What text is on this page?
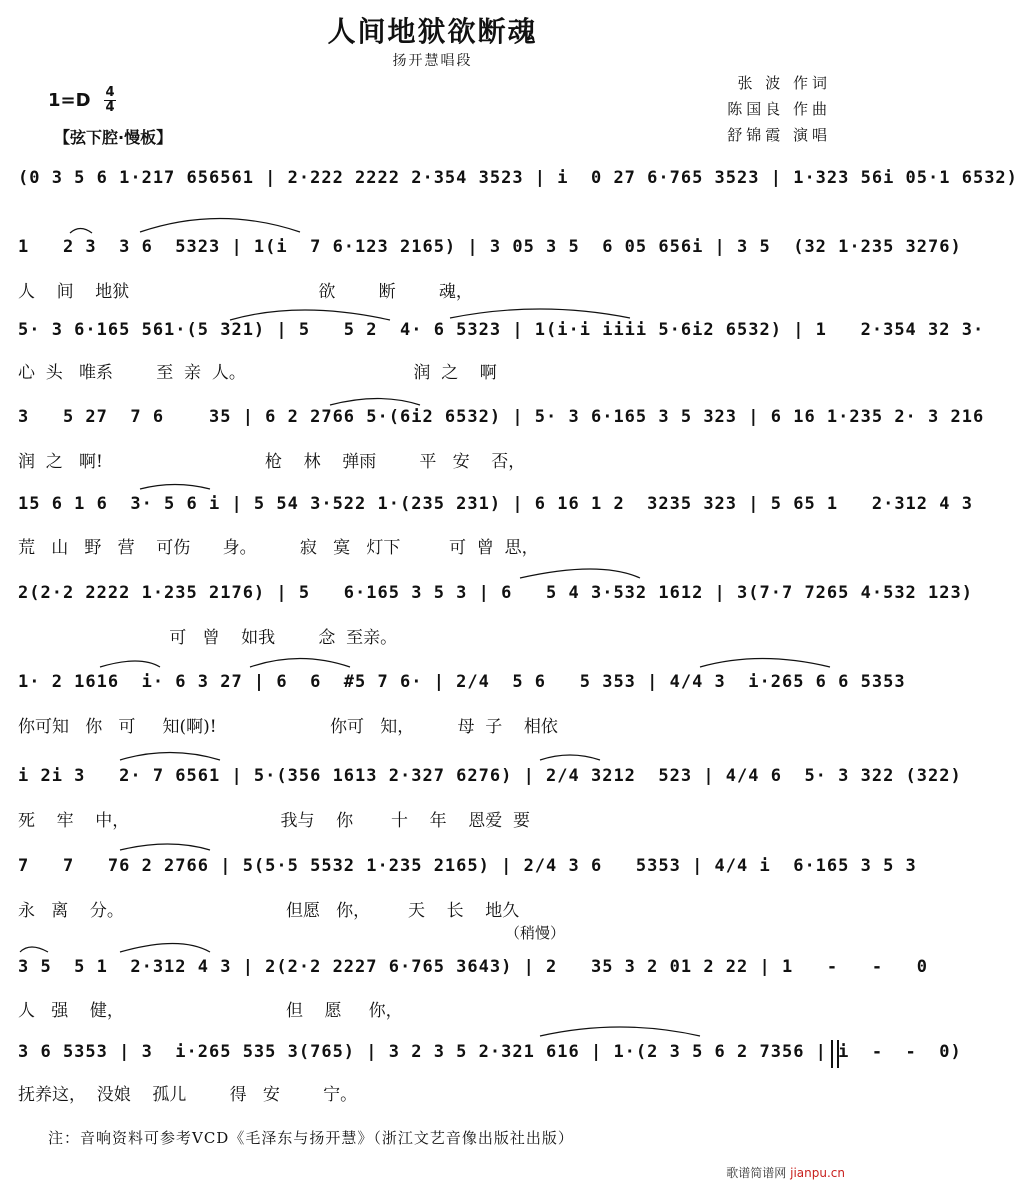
人间地狱欲断魂
扬开慧唱段
张 波 作词
陈国良 作曲
舒锦霞 演唱
1=D 4
4
【弦下腔·慢板】
(0 3 5 6 1·217 656561 | 2·222 2222 2·354 3523 | i  0 27 6·765 3523 | 1·323 56i 05·1 6532)
1   2 3  3 6  5323 | 1(i  7 6·123 2165) | 3 05 3 5  6 05 656i | 3 5  (32 1·235 3276)
人    间    地狱                                   欲        断        魂，
5· 3 6·165 561·(5 321) | 5   5 2  4· 6 5323 | 1(i·i iiii 5·6i2 6532) | 1   2·354 32 3·
心  头   唯系        至  亲  人。                               润  之    啊
3   5 27  7 6    35 | 6 2 2766 5·(6i2 6532) | 5· 3 6·165 3 5 323 | 6 16 1·235 2· 3 216
润  之   啊!                              枪    林    弹雨        平   安    否，
15 6 1 6  3· 5 6 i | 5 54 3·522 1·(235 231) | 6 16 1 2  3235 323 | 5 65 1   2·312 4 3
荒   山   野   营    可伤      身。        寂   寞   灯下         可  曾  思，
2(2·2 2222 1·235 2176) | 5   6·165 3 5 3 | 6   5 4 3·532 1612 | 3(7·7 7265 4·532 123)
可   曾    如我        念  至亲。
1· 2 1616  i· 6 3 27 | 6  6  #5 7 6· | 2/4  5 6   5 353 | 4/4 3  i·265 6 6 5353
你可知   你   可     知(啊)!                     你可   知，        母  子    相依
i 2i 3   2· 7 6561 | 5·(356 1613 2·327 6276) | 2/4 3212  523 | 4/4 6  5· 3 322 (322)
死    牢    中，                            我与    你       十    年    恩爱  要
7   7   76 2 2766 | 5(5·5 5532 1·235 2165) | 2/4 3 6   5353 | 4/4 i  6·165 3 5 3
永   离    分。                              但愿   你，       天    长    地久
（稍慢）
3 5  5 1  2·312 4 3 | 2(2·2 2227 6·765 3643) | 2   35 3 2 01 2 22 | 1   -   -   0
人   强    健，                              但    愿     你，
3 6 5353 | 3  i·265 535 3(765) | 3 2 3 5 2·321 616 | 1·(2 3 5 6 2 7356 | i  -  -  0)
抚养这，  没娘    孤儿        得   安        宁。
注：音响资料可参考VCD《毛泽东与扬开慧》（浙江文艺音像出版社出版）
歌谱简谱网 jianpu.cn
